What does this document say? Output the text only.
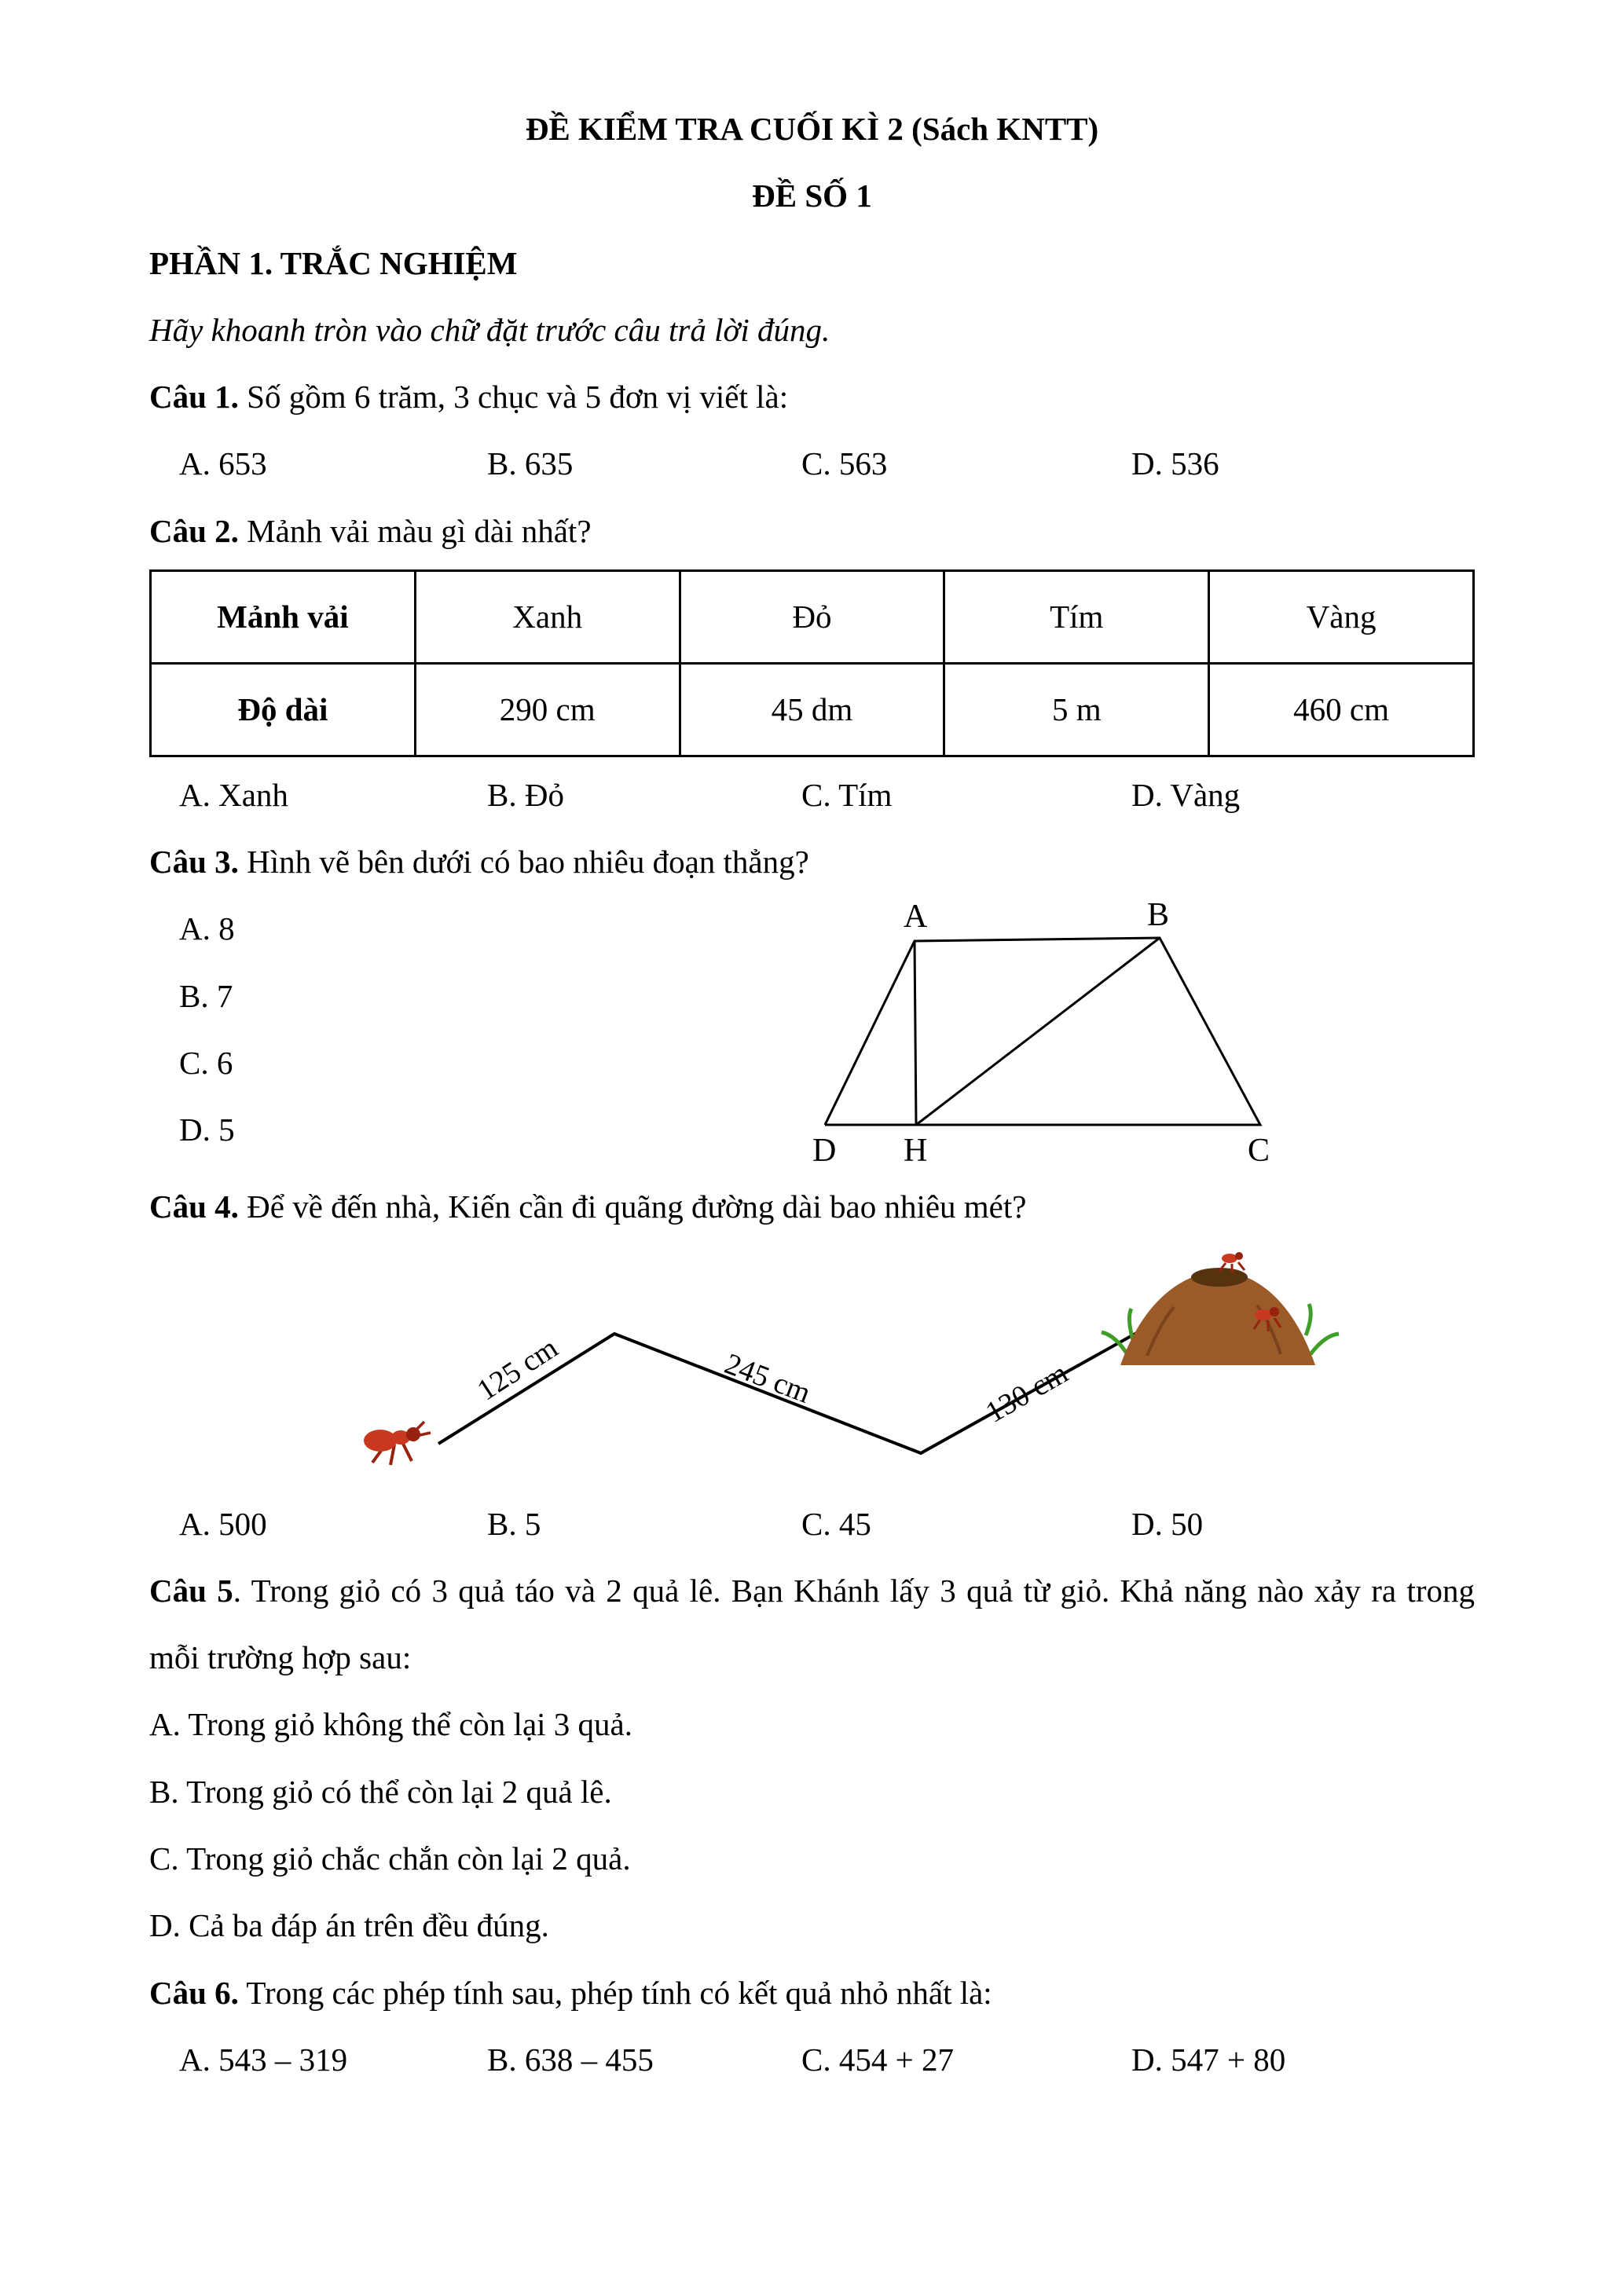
ĐỀ KIỂM TRA CUỐI KÌ 2 (Sách KNTT)

ĐỀ SỐ 1

PHẦN 1. TRẮC NGHIỆM

Hãy khoanh tròn vào chữ đặt trước câu trả lời đúng.

Câu 1. Số gồm 6 trăm, 3 chục và 5 đơn vị viết là:

A. 653	B. 635	C. 563	D. 536

Câu 2. Mảnh vải màu gì dài nhất?

Mảnh vải	Xanh	Đỏ	Tím	Vàng
Độ dài	290 cm	45 dm	5 m	460 cm
A. Xanh	B. Đỏ	C. Tím	D. Vàng

Câu 3. Hình vẽ bên dưới có bao nhiêu đoạn thẳng?

A. 8
B. 7
C. 6
D. 5
A	B
D H	C

Câu 4. Để về đến nhà, Kiến cần đi quãng đường dài bao nhiêu mét?

125 cm	245 cm	130 cm
A. 500	B. 5	C. 45	D. 50

Câu 5. Trong giỏ có 3 quả táo và 2 quả lê. Bạn Khánh lấy 3 quả từ giỏ. Khả năng nào xảy ra trong mỗi trường hợp sau:

A. Trong giỏ không thể còn lại 3 quả.

B. Trong giỏ có thể còn lại 2 quả lê.

C. Trong giỏ chắc chắn còn lại 2 quả.

D. Cả ba đáp án trên đều đúng.

Câu 6. Trong các phép tính sau, phép tính có kết quả nhỏ nhất là:

A. 543 – 319	B. 638 – 455	C. 454 + 27	D. 547 + 80
